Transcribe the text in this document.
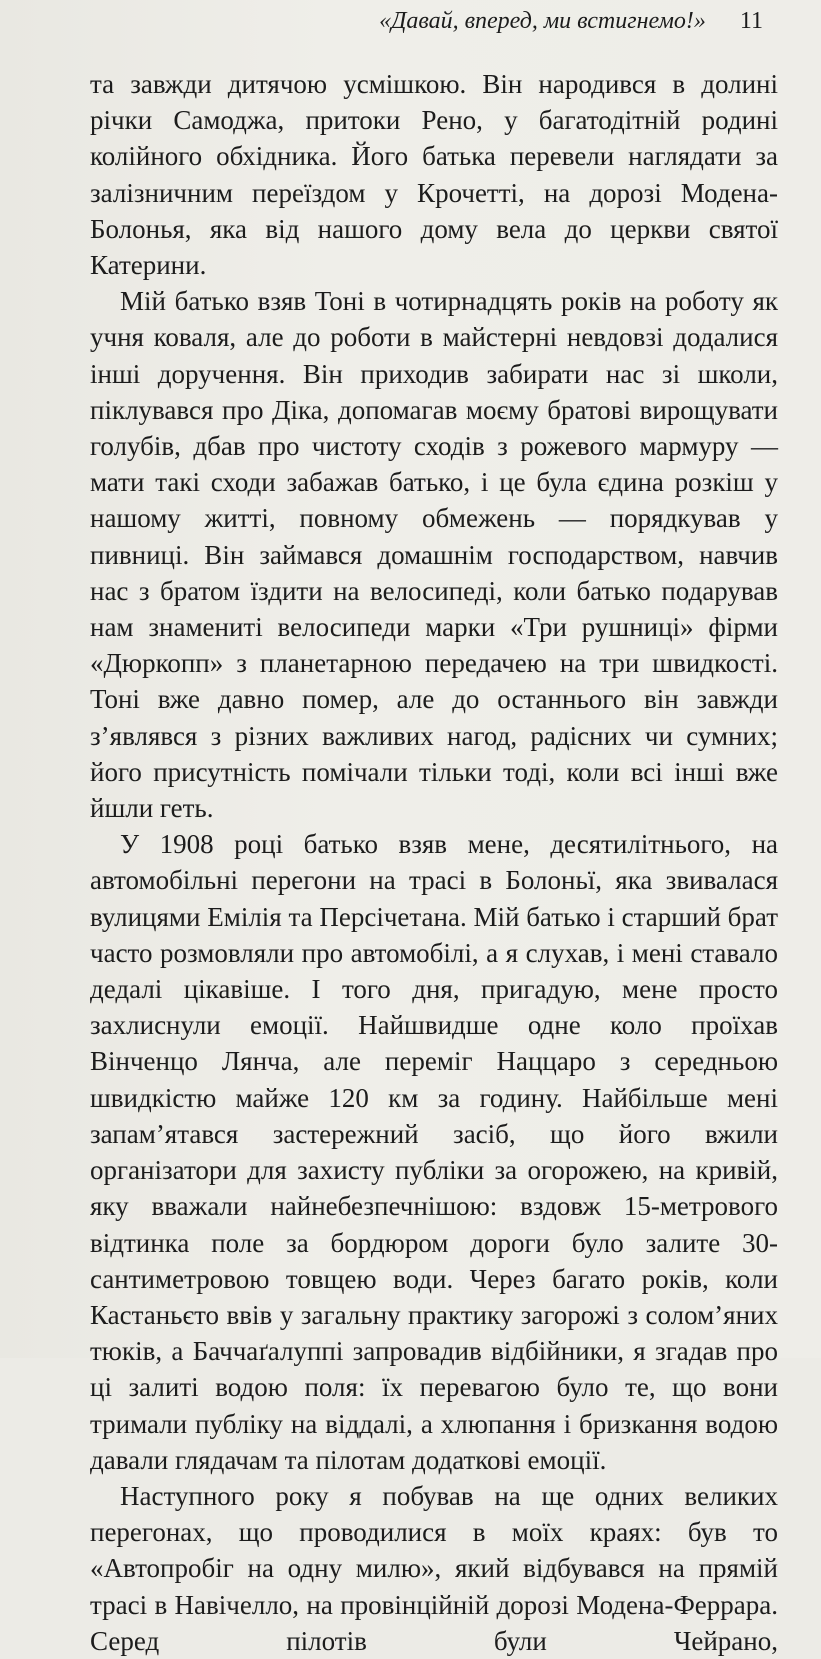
«Давай, вперед, ми встигнемо!» 11

та завжди дитячою усмішкою. Він народився в долині річки Самоджа, притоки Рено, у багатодітній родині колійного обхідника. Його батька перевели наглядати за залізничним переїздом у Крочетті, на дорозі Модена-Болонья, яка від нашого дому вела до церкви святої Катерини.

Мій батько взяв Тоні в чотирнадцять років на роботу як учня коваля, але до роботи в майстерні невдовзі додалися інші доручення. Він приходив забирати нас зі школи, піклувався про Діка, допомагав моєму братові вирощувати голубів, дбав про чистоту сходів з рожевого мармуру — мати такі сходи забажав батько, і це була єдина розкіш у нашому житті, повному обмежень — порядкував у пивниці. Він займався домашнім господарством, навчив нас з братом їздити на велосипеді, коли батько подарував нам знамениті велосипеди марки «Три рушниці» фірми «Дюркопп» з планетарною передачею на три швидкості. Тоні вже давно помер, але до останнього він завжди з’являвся з різних важливих нагод, радісних чи сумних; його присутність помічали тільки тоді, коли всі інші вже йшли геть.

У 1908 році батько взяв мене, десятилітнього, на автомобільні перегони на трасі в Болоньї, яка звивалася вулицями Емілія та Персічетана. Мій батько і старший брат часто розмовляли про автомобілі, а я слухав, і мені ставало дедалі цікавіше. І того дня, пригадую, мене просто захлиснули емоції. Найшвидше одне коло проїхав Вінченцо Лянча, але переміг Наццаро з середньою швидкістю майже 120 км за годину. Найбільше мені запам’ятався застережний засіб, що його вжили організатори для захисту публіки за огорожею, на кривій, яку вважали найнебезпечнішою: вздовж 15-метрового відтинка поле за бордюром дороги було залите 30-сантиметровою товщею води. Через багато років, коли Кастаньєто ввів у загальну практику загорожі з солом’яних тюків, а Баччаґалуппі запровадив відбійники, я згадав про ці залиті водою поля: їх перевагою було те, що вони тримали публіку на віддалі, а хлюпання і бризкання водою давали глядачам та пілотам додаткові емоції.

Наступного року я побував на ще одних великих перегонах, що проводилися в моїх краях: був то «Автопробіг на одну милю», який відбувався на прямій трасі в Навічелло, на провінційній дорозі Модена-Феррара. Серед пілотів були Чейрано,
